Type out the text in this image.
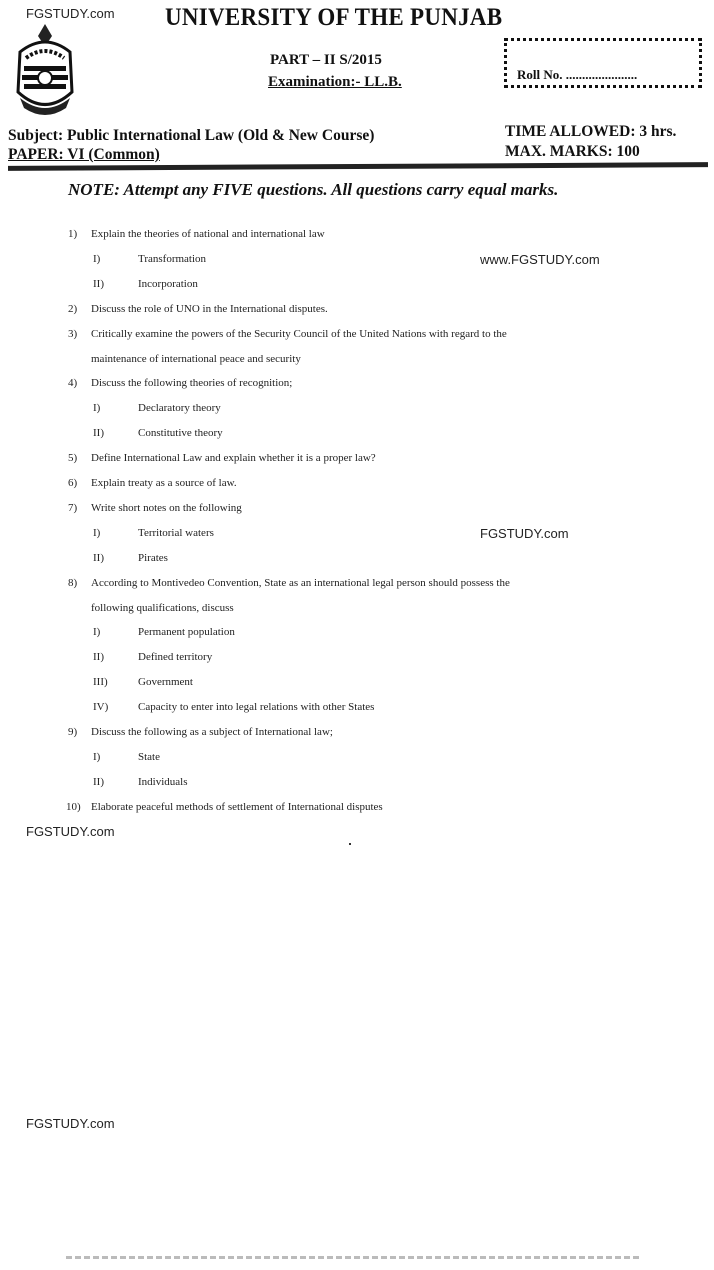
UNIVERSITY OF THE PUNJAB
PART – II S/2015
Examination:- LL.B.	Roll No. ......................
Subject: Public International Law (Old & New Course)
PAPER: VI (Common)
TIME ALLOWED: 3 hrs.
MAX. MARKS: 100
NOTE: Attempt any FIVE questions. All questions carry equal marks.
1) Explain the theories of national and international law
I)	Transformation
II)	Incorporation
2) Discuss the role of UNO in the International disputes.
3) Critically examine the powers of the Security Council of the United Nations with regard to the
maintenance of international peace and security
4) Discuss the following theories of recognition;
I)	Declaratory theory
II)	Constitutive theory
5) Define International Law and explain whether it is a proper law?
6) Explain treaty as a source of law.
7) Write short notes on the following
I)	Territorial waters
II)	Pirates
8) According to Montivedeo Convention, State as an international legal person should possess the
following qualifications, discuss
I)	Permanent population
II)	Defined territory
III)	Government
IV)	Capacity to enter into legal relations with other States
9) Discuss the following as a subject of International law;
I)	State
II)	Individuals
10) Elaborate peaceful methods of settlement of International disputes
FGSTUDY.com
www.FGSTUDY.com
FGSTUDY.com
FGSTUDY.com
FGSTUDY.com
